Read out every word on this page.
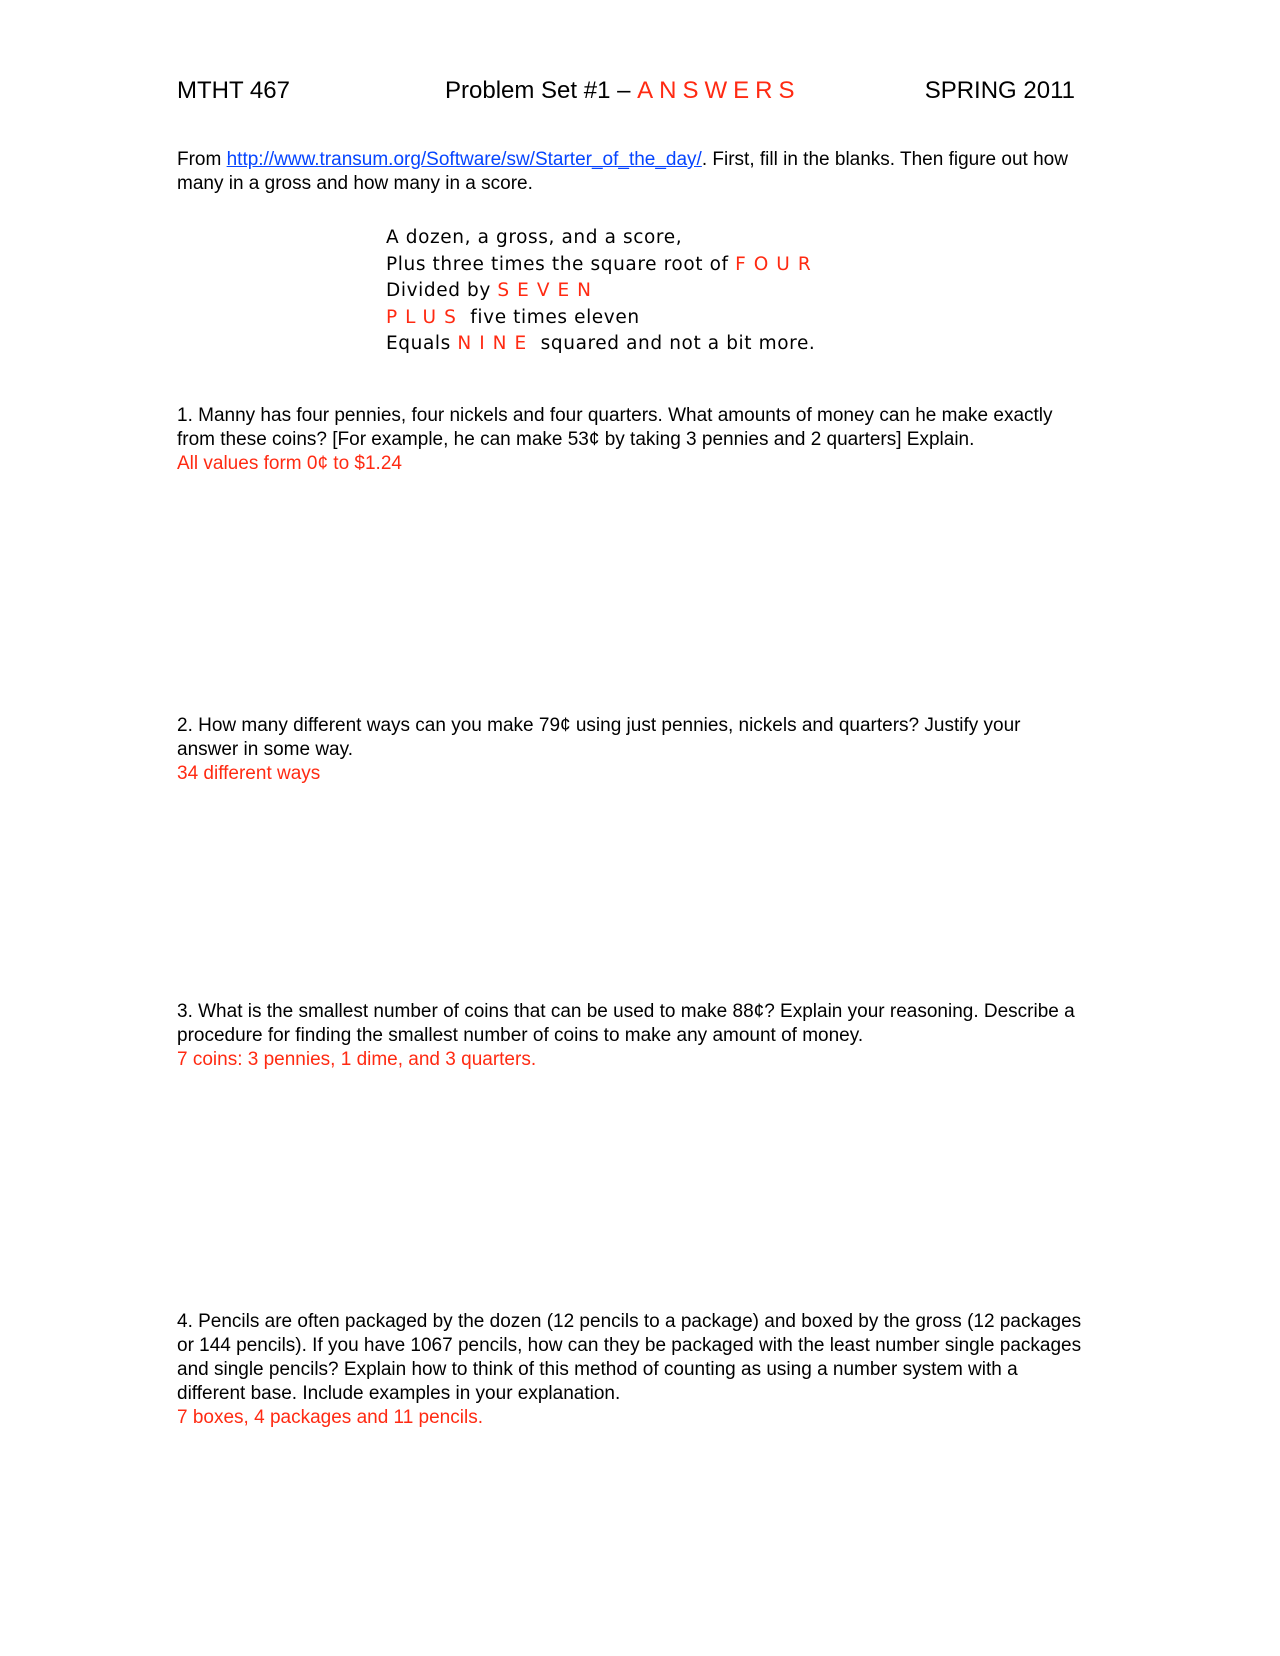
MTHT 467	Problem Set #1 – ANSWERS	SPRING 2011
From http://www.transum.org/Software/sw/Starter_of_the_day/. First, fill in the blanks. Then figure out how many in a gross and how many in a score.
A dozen, a gross, and a score,
Plus three times the square root of FOUR
Divided by SEVEN
PLUS five times eleven
Equals NINE squared and not a bit more.
1. Manny has four pennies, four nickels and four quarters. What amounts of money can he make exactly from these coins? [For example, he can make 53¢ by taking 3 pennies and 2 quarters] Explain.
All values form 0¢ to $1.24
2. How many different ways can you make 79¢ using just pennies, nickels and quarters? Justify your answer in some way.
34 different ways
3. What is the smallest number of coins that can be used to make 88¢? Explain your reasoning. Describe a procedure for finding the smallest number of coins to make any amount of money.
7 coins: 3 pennies, 1 dime, and 3 quarters.
4. Pencils are often packaged by the dozen (12 pencils to a package) and boxed by the gross (12 packages or 144 pencils). If you have 1067 pencils, how can they be packaged with the least number single packages and single pencils? Explain how to think of this method of counting as using a number system with a different base. Include examples in your explanation.
7 boxes, 4 packages and 11 pencils.
